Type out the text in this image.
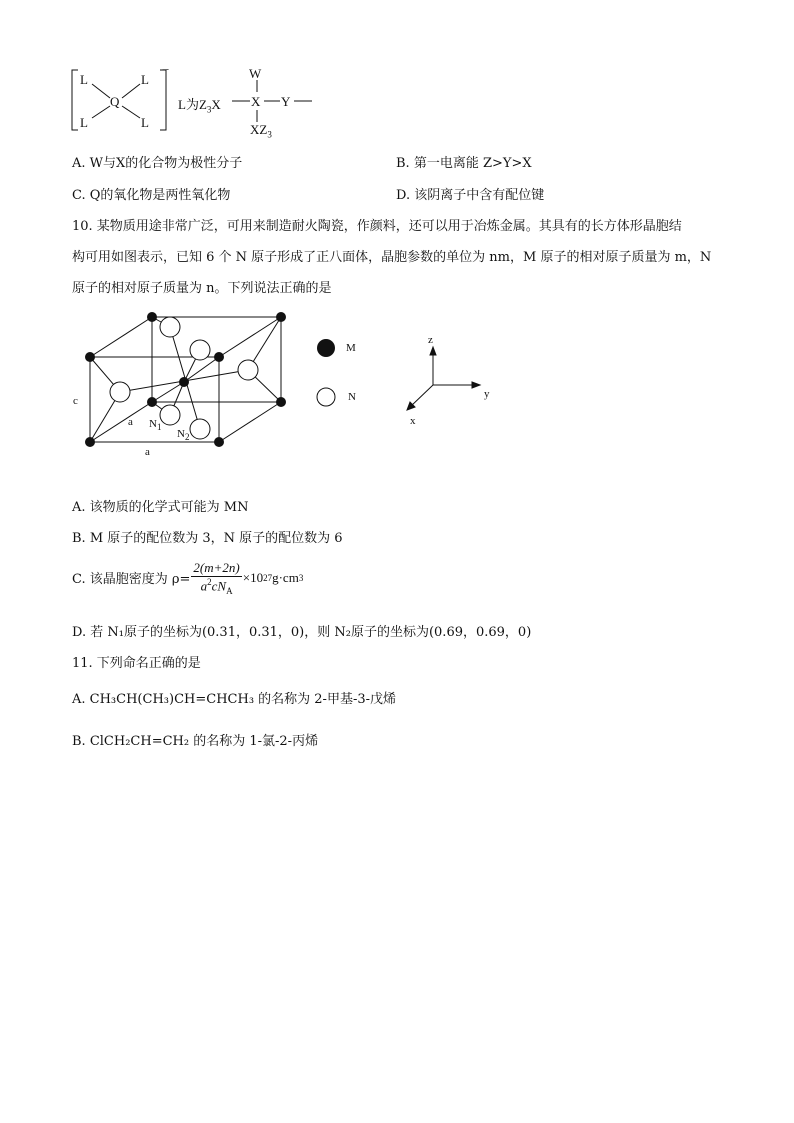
L	L
L	L
Q
−
L为$Z_3X$ X Y
W
$XZ_3$
A. W与X的化合物为极性分子	B. 第一电离能 Z>Y>X
C. Q的氧化物是两性氧化物	D. 该阴离子中含有配位键
10. 某物质用途非常广泛，可用来制造耐火陶瓷，作颜料，还可以用于冶炼金属。其具有的长方体形晶胞结
构可用如图表示，已知 6 个 N 原子形成了正八面体，晶胞参数的单位为 nm，M 原子的相对原子质量为 m，N
原子的相对原子质量为 n。下列说法正确的是
c
a
a
$N_1$
$N_2$
M
N
z
y
x
A. 该物质的化学式可能为 MN
B. M 原子的配位数为 3，N 原子的配位数为 6
C. 该晶胞密度为 $\rho= \frac{2(m+2n)}{a^2cN_A} \times 10$ 27 g·cm 3
D. 若 N₁原子的坐标为(0.31，0.31，0)，则 N₂原子的坐标为(0.69，0.69，0)
11. 下列命名正确的是
A. CH₃CH(CH₃)CH=CHCH₃ 的名称为 2-甲基-3-戊烯
B. ClCH₂CH=CH₂ 的名称为 1-氯-2-丙烯
